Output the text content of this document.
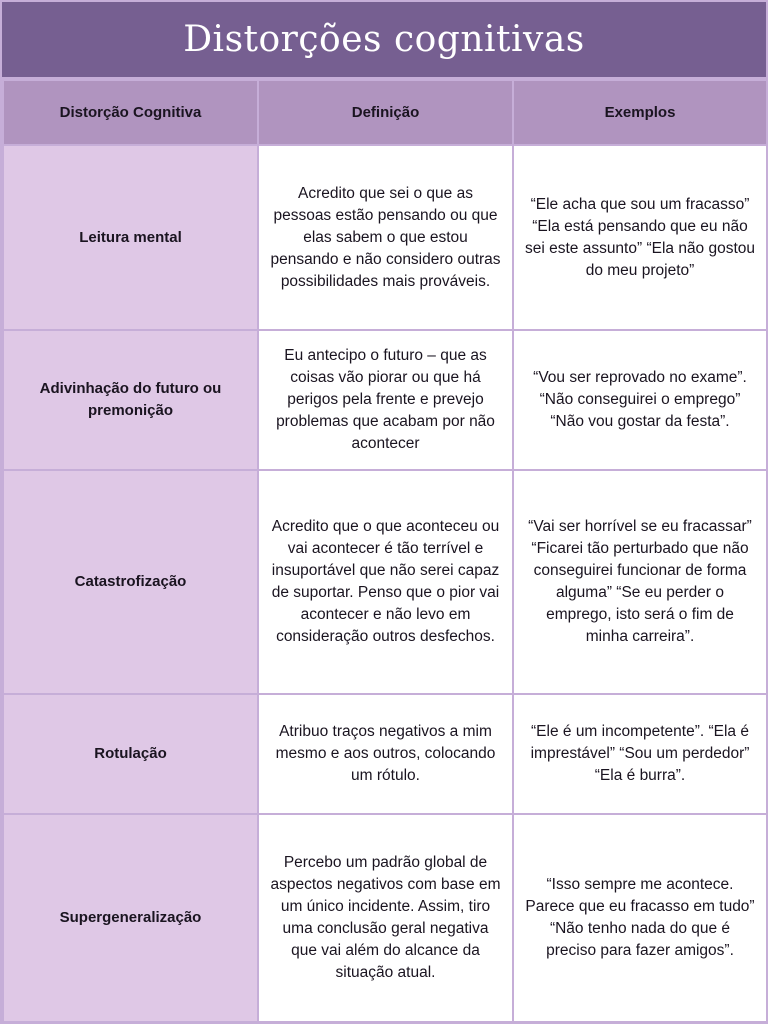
Distorções cognitivas
Distorção Cognitiva	Definição	Exemplos
Leitura mental	Acredito que sei o que as pessoas estão pensando ou que elas sabem o que estou pensando e não considero outras possibilidades mais prováveis.	“Ele acha que sou um fracasso” “Ela está pensando que eu não sei este assunto” “Ela não gostou do meu projeto”
Adivinhação do futuro ou premonição	Eu antecipo o futuro – que as coisas vão piorar ou que há perigos pela frente e prevejo problemas que acabam por não acontecer	“Vou ser reprovado no exame”. “Não conseguirei o emprego” “Não vou gostar da festa”.
Catastrofização	Acredito que o que aconteceu ou vai acontecer é tão terrível e insuportável que não serei capaz de suportar. Penso que o pior vai acontecer e não levo em consideração outros desfechos.	“Vai ser horrível se eu fracassar” “Ficarei tão perturbado que não conseguirei funcionar de forma alguma” “Se eu perder o emprego, isto será o fim de minha carreira”.
Rotulação	Atribuo traços negativos a mim mesmo e aos outros, colocando um rótulo.	“Ele é um incompetente”. “Ela é imprestável” “Sou um perdedor” “Ela é burra”.
Supergeneralização	Percebo um padrão global de aspectos negativos com base em um único incidente. Assim, tiro uma conclusão geral negativa que vai além do alcance da situação atual.	“Isso sempre me acontece. Parece que eu fracasso em tudo” “Não tenho nada do que é preciso para fazer amigos”.
